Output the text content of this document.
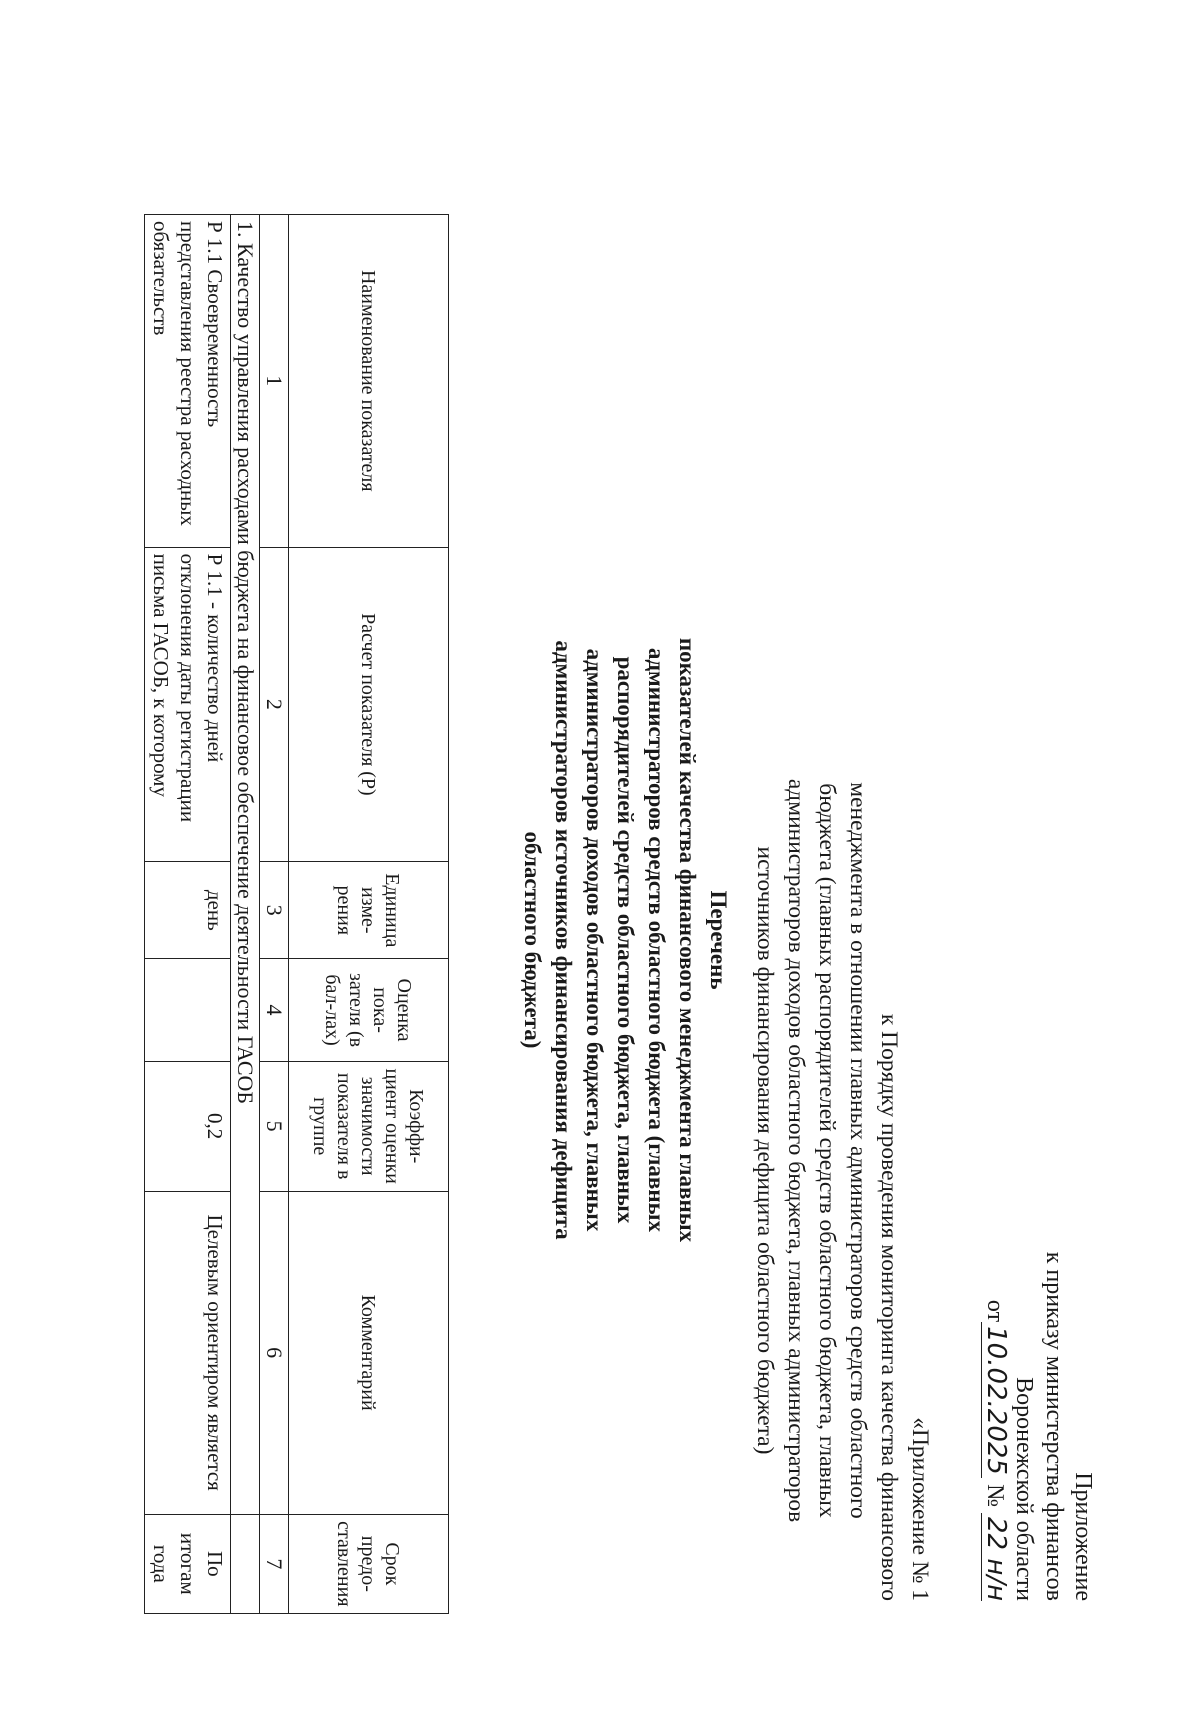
Приложение
к приказу министерства финансов
Воронежской области
от10.02.2025 № 22 н/н
«Приложение № 1
к Порядку проведения мониторинга качества финансового
менеджмента в отношении главных администраторов средств областного
бюджета (главных распорядителей средств областного бюджета, главных
администраторов доходов областного бюджета, главных администраторов
источников финансирования дефицита областного бюджета)
Перечень
показателей качества финансового менеджмента главных
администраторов средств областного бюджета (главных
распорядителей средств областного бюджета, главных
администраторов доходов областного бюджета, главных
администраторов источников финансирования дефицита
областного бюджета)
Наименование показателя	Расчет показателя (Р)	Единица изме-рения	Оценка пока-зателя (в бал-лах)	Коэффи-циент оценки значимости показателя в группе	Комментарий	Срок предо-ставления
1	2	3	4	5	6	7
1. Качество управления расходами бюджета на финансовое обеспечение деятельности ГАСОБ						
Р 1.1 Своевременность представления реестра расходных обязательств	Р 1.1 - количество дней отклонения даты регистрации письма ГАСОБ, к которому	день		0,2	Целевым ориентиром является	По итогам года
